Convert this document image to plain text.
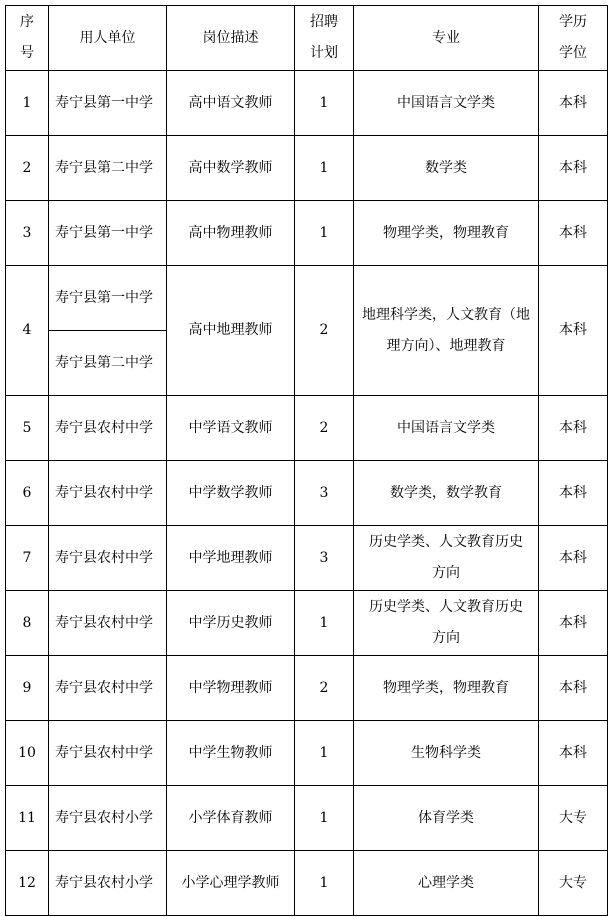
序号	用人单位	岗位描述	招聘计划	专业	学历学位
1	寿宁县第一中学	高中语文教师	1	中国语言文学类	本科
2	寿宁县第二中学	高中数学教师	1	数学类	本科
3	寿宁县第一中学	高中物理教师	1	物理学类，物理教育	本科
4	寿宁县第一中学	高中地理教师	2	地理科学类，人文教育（地理方向）、地理教育	本科
	寿宁县第二中学				
5	寿宁县农村中学	中学语文教师	2	中国语言文学类	本科
6	寿宁县农村中学	中学数学教师	3	数学类，数学教育	本科
7	寿宁县农村中学	中学地理教师	3	历史学类、人文教育历史方向	本科
8	寿宁县农村中学	中学历史教师	1	历史学类、人文教育历史方向	本科
9	寿宁县农村中学	中学物理教师	2	物理学类，物理教育	本科
10	寿宁县农村中学	中学生物教师	1	生物科学类	本科
11	寿宁县农村小学	小学体育教师	1	体育学类	大专
12	寿宁县农村小学	小学心理学教师	1	心理学类	大专
